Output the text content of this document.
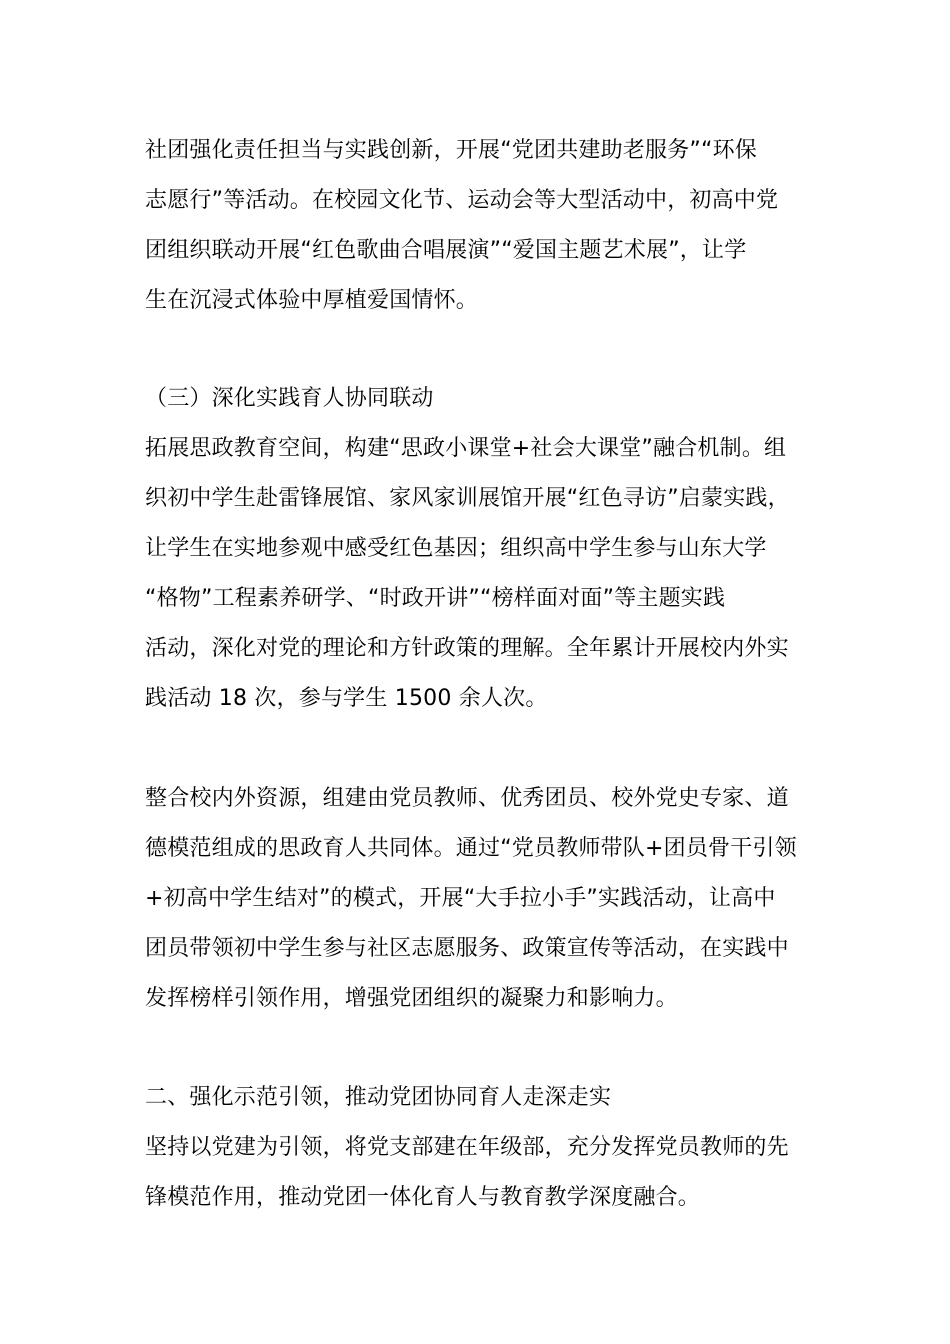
社团强化责任担当与实践创新，开展“党团共建助老服务”“环保
志愿行”等活动。在校园文化节、运动会等大型活动中，初高中党
团组织联动开展“红色歌曲合唱展演”“爱国主题艺术展”，让学
生在沉浸式体验中厚植爱国情怀。
（三）深化实践育人协同联动
拓展思政教育空间，构建“思政小课堂+社会大课堂”融合机制。组
织初中学生赴雷锋展馆、家风家训展馆开展“红色寻访”启蒙实践，
让学生在实地参观中感受红色基因；组织高中学生参与山东大学
“格物”工程素养研学、“时政开讲”“榜样面对面”等主题实践
活动，深化对党的理论和方针政策的理解。全年累计开展校内外实
践活动 18 次，参与学生 1500 余人次。
整合校内外资源，组建由党员教师、优秀团员、校外党史专家、道
德模范组成的思政育人共同体。通过“党员教师带队+团员骨干引领
+初高中学生结对”的模式，开展“大手拉小手”实践活动，让高中
团员带领初中学生参与社区志愿服务、政策宣传等活动，在实践中
发挥榜样引领作用，增强党团组织的凝聚力和影响力。
二、强化示范引领，推动党团协同育人走深走实
坚持以党建为引领，将党支部建在年级部，充分发挥党员教师的先
锋模范作用，推动党团一体化育人与教育教学深度融合。
